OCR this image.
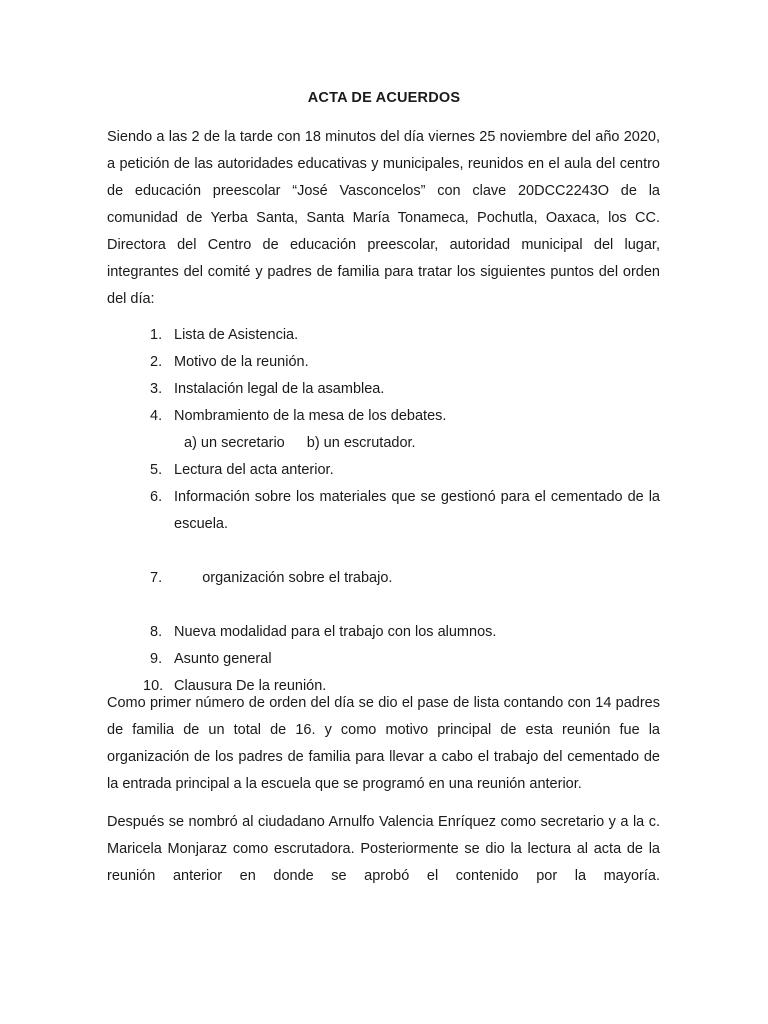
ACTA DE ACUERDOS

Siendo a las 2 de la tarde con 18 minutos del día viernes 25 noviembre del año 2020, a petición de las autoridades educativas y municipales, reunidos en el aula del centro de educación preescolar “José Vasconcelos” con clave 20DCC2243O de la comunidad de Yerba Santa, Santa María Tonameca, Pochutla, Oaxaca, los CC. Directora del Centro de educación preescolar, autoridad municipal del lugar, integrantes del comité y padres de familia para tratar los siguientes puntos del orden del día:

1. Lista de Asistencia.
2. Motivo de la reunión.
3. Instalación legal de la asamblea.
4. Nombramiento de la mesa de los debates.
a) un secretario b) un escrutador.
5. Lectura del acta anterior.
6. Información sobre los materiales que se gestionó para el cementado de la escuela.

7. organización sobre el trabajo.

8. Nueva modalidad para el trabajo con los alumnos.
9. Asunto general
10. Clausura De la reunión.

Como primer número de orden del día se dio el pase de lista contando con 14 padres de familia de un total de 16. y como motivo principal de esta reunión fue la organización de los padres de familia para llevar a cabo el trabajo del cementado de la entrada principal a la escuela que se programó en una reunión anterior.

Después se nombró al ciudadano Arnulfo Valencia Enríquez como secretario y a la c. Maricela Monjaraz como escrutadora. Posteriormente se dio la lectura al acta de la reunión anterior en donde se aprobó el contenido por la mayoría.
